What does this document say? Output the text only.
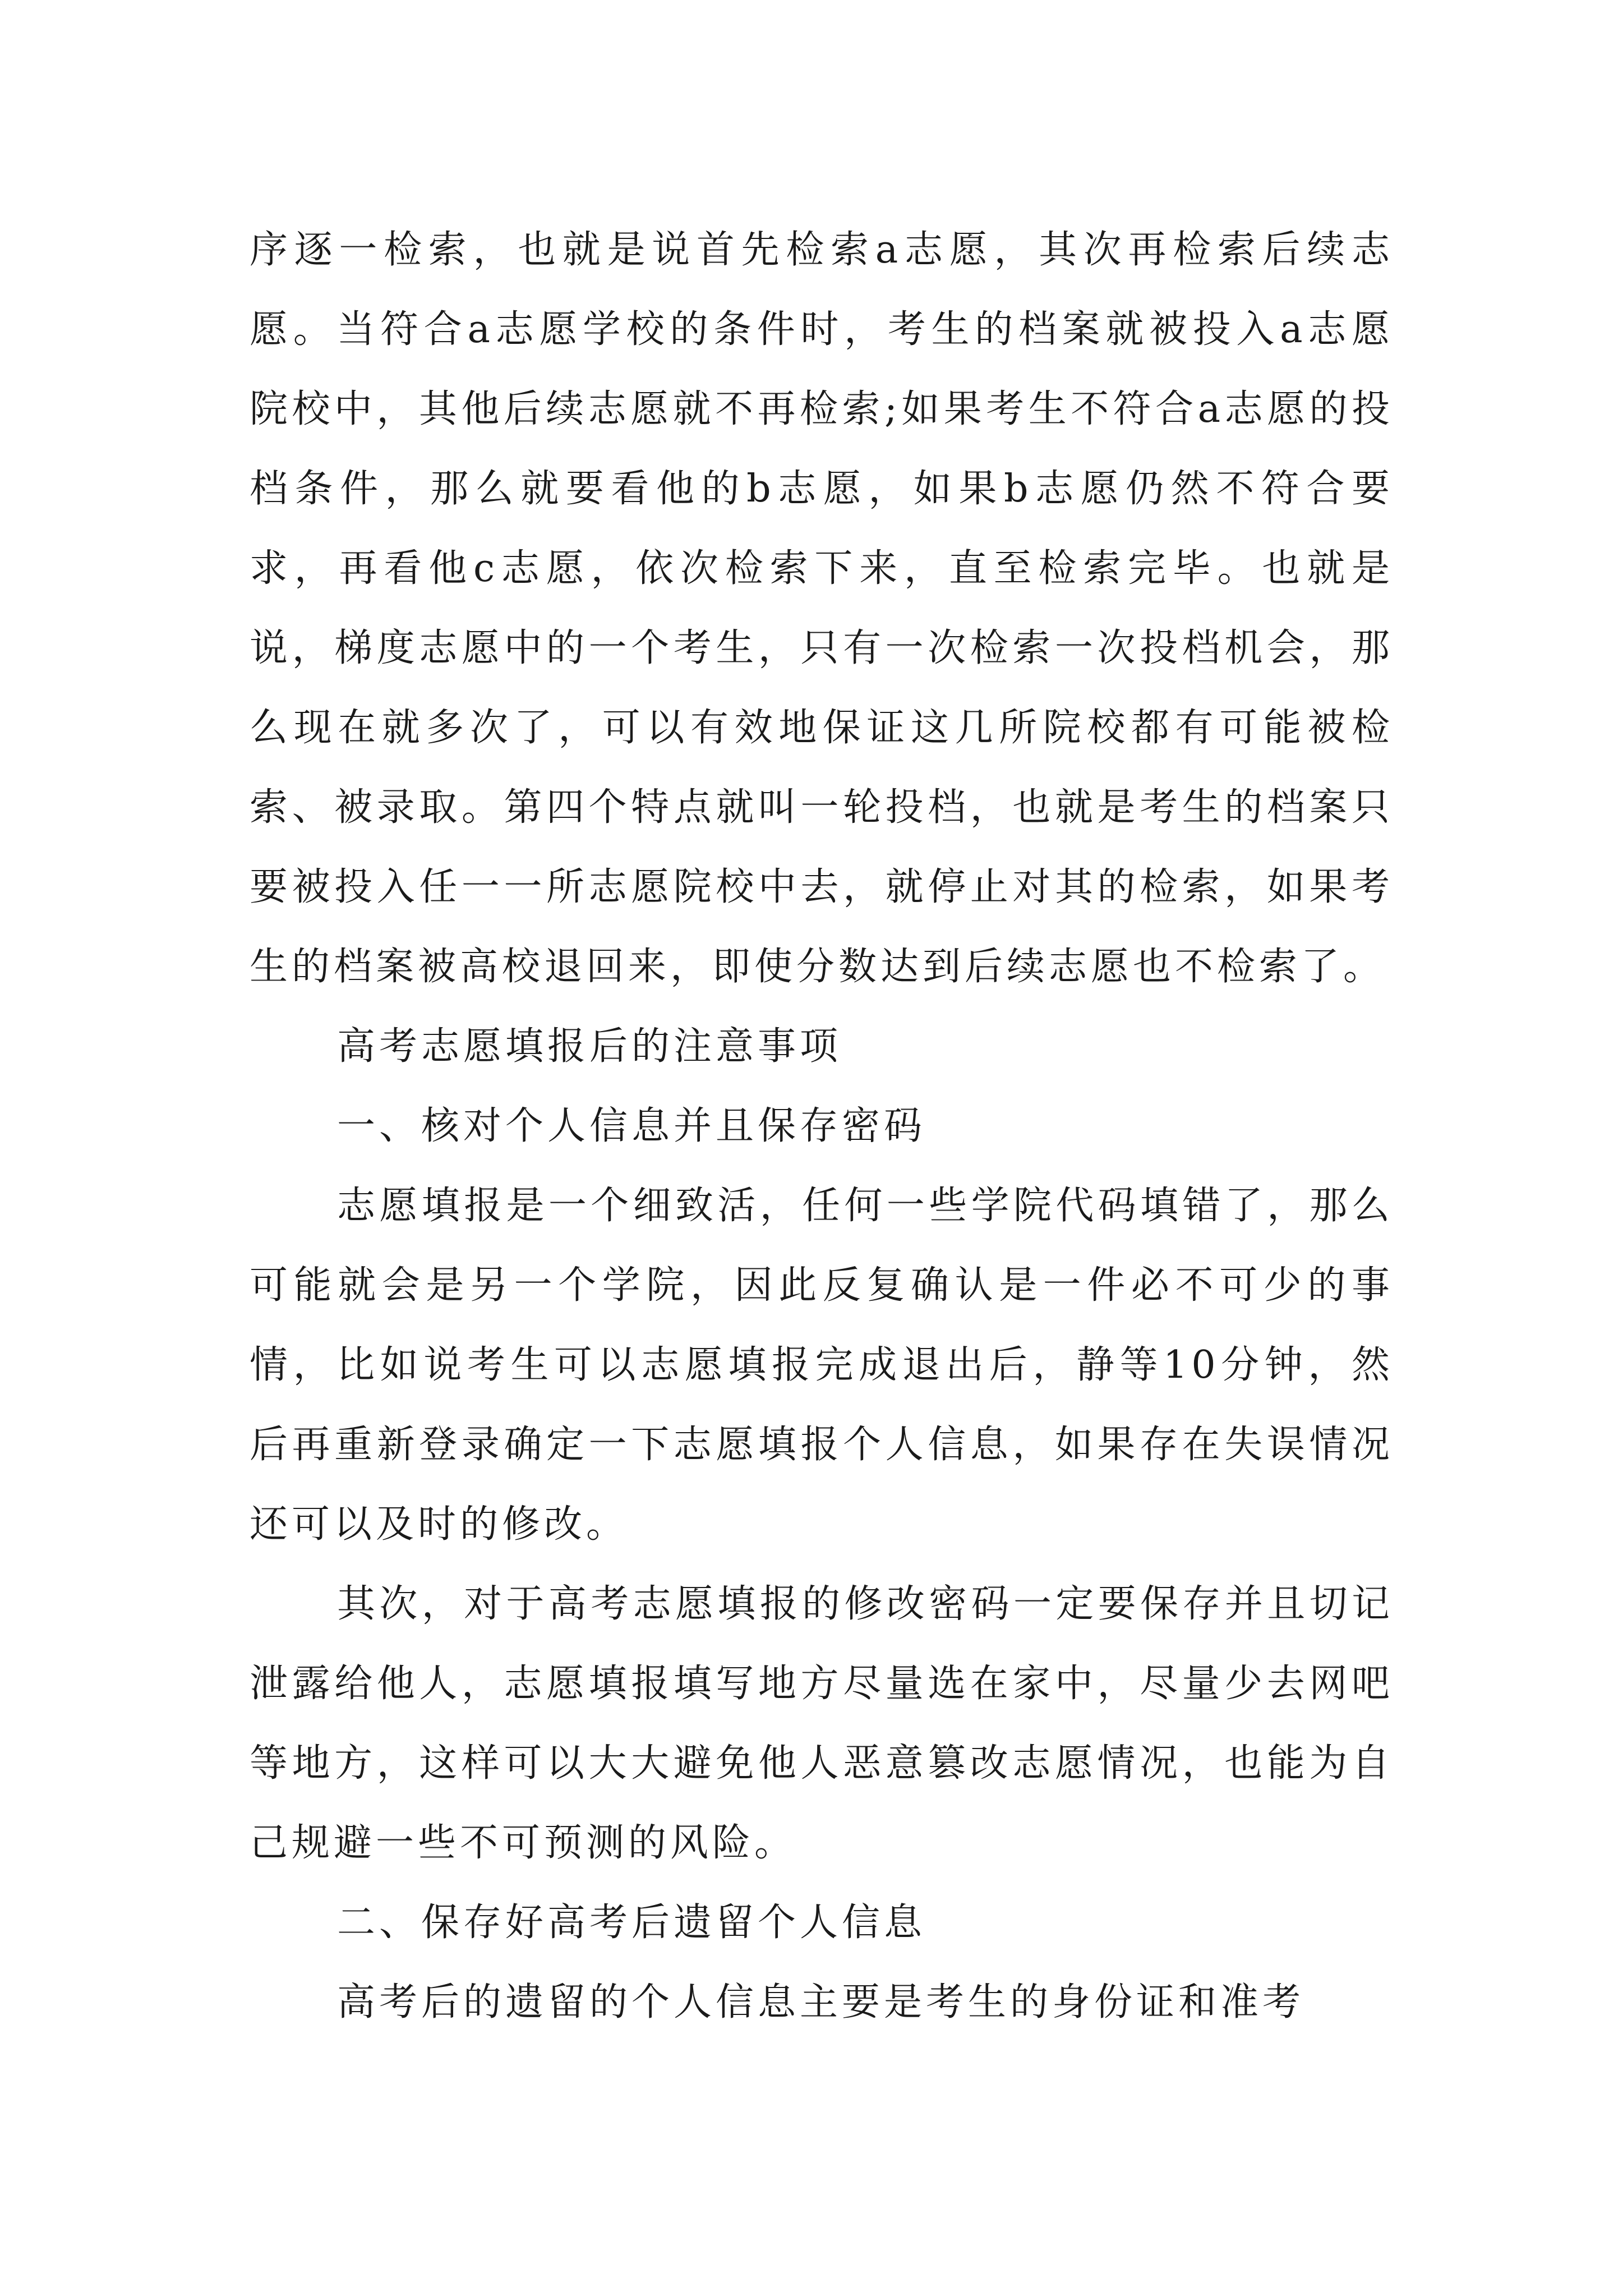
序逐一检索，也就是说首先检索a志愿，其次再检索后续志愿。当符合a志愿学校的条件时，考生的档案就被投入a志愿院校中，其他后续志愿就不再检索;如果考生不符合a志愿的投档条件，那么就要看他的b志愿，如果b志愿仍然不符合要求，再看他c志愿，依次检索下来，直至检索完毕。也就是说，梯度志愿中的一个考生，只有一次检索一次投档机会，那么现在就多次了，可以有效地保证这几所院校都有可能被检索、被录取。第四个特点就叫一轮投档，也就是考生的档案只要被投入任一一所志愿院校中去，就停止对其的检索，如果考生的档案被高校退回来，即使分数达到后续志愿也不检索了。

高考志愿填报后的注意事项

一、核对个人信息并且保存密码

志愿填报是一个细致活，任何一些学院代码填错了，那么可能就会是另一个学院，因此反复确认是一件必不可少的事情，比如说考生可以志愿填报完成退出后，静等10分钟，然后再重新登录确定一下志愿填报个人信息，如果存在失误情况还可以及时的修改。

其次，对于高考志愿填报的修改密码一定要保存并且切记泄露给他人，志愿填报填写地方尽量选在家中，尽量少去网吧等地方，这样可以大大避免他人恶意篡改志愿情况，也能为自己规避一些不可预测的风险。

二、保存好高考后遗留个人信息

高考后的遗留的个人信息主要是考生的身份证和准考
